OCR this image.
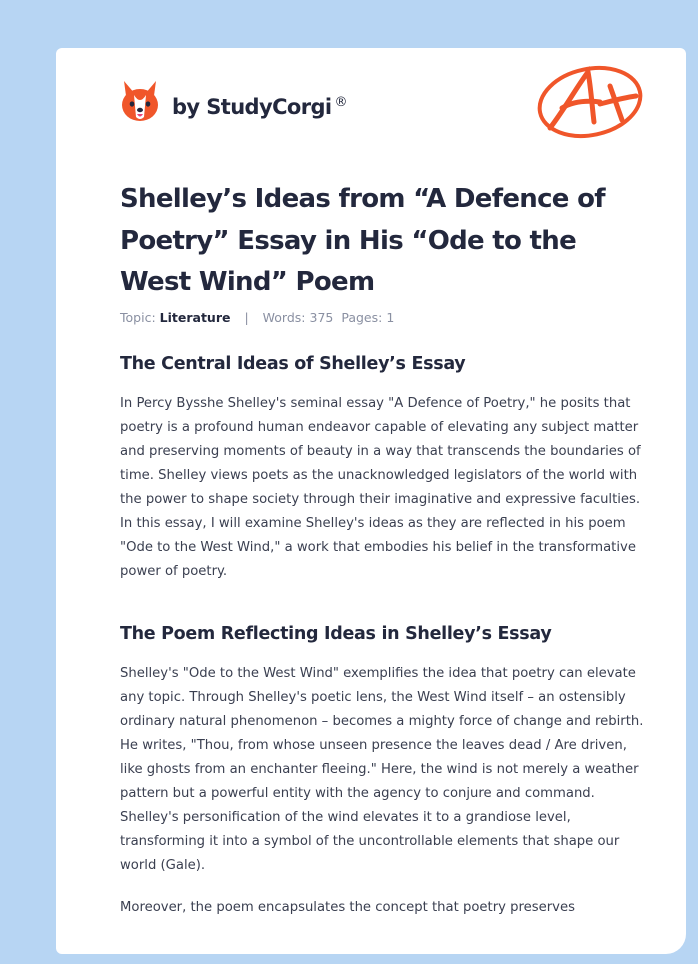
by StudyCorgi ®
Shelley’s Ideas from “A Defence of Poetry” Essay in His “Ode to the West Wind” Poem
Topic: Literature | Words: 375 Pages: 1
The Central Ideas of Shelley’s Essay

In Percy Bysshe Shelley's seminal essay "A Defence of Poetry," he posits that poetry is a profound human endeavor capable of elevating any subject matter and preserving moments of beauty in a way that transcends the boundaries of time. Shelley views poets as the unacknowledged legislators of the world with the power to shape society through their imaginative and expressive faculties. In this essay, I will examine Shelley's ideas as they are reflected in his poem "Ode to the West Wind," a work that embodies his belief in the transformative power of poetry.

The Poem Reflecting Ideas in Shelley’s Essay

Shelley's "Ode to the West Wind" exemplifies the idea that poetry can elevate any topic. Through Shelley's poetic lens, the West Wind itself – an ostensibly ordinary natural phenomenon – becomes a mighty force of change and rebirth. He writes, "Thou, from whose unseen presence the leaves dead / Are driven, like ghosts from an enchanter fleeing." Here, the wind is not merely a weather pattern but a powerful entity with the agency to conjure and command. Shelley's personification of the wind elevates it to a grandiose level, transforming it into a symbol of the uncontrollable elements that shape our world (Gale).

Moreover, the poem encapsulates the concept that poetry preserves
